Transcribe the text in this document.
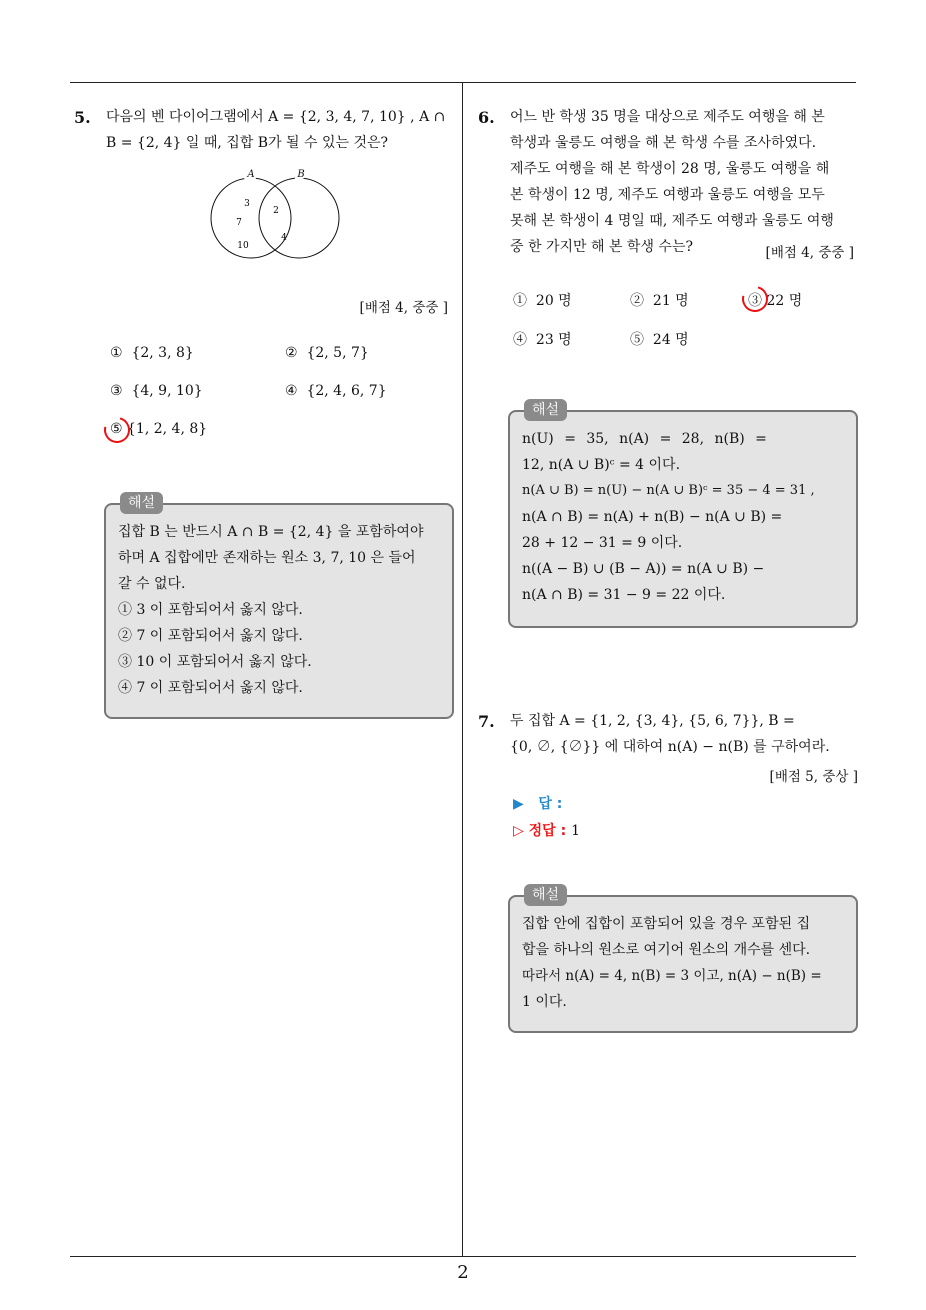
5. 다음의 벤 다이어그램에서 A = {2, 3, 4, 7, 10} , A ∩
B = {2, 4} 일 때, 집합 B가 될 수 있는 것은?
A	B
3
7
10
2
4
[배점 4, 중중 ]
① {2, 3, 8}	② {2, 5, 7}
③ {4, 9, 10}	④ {2, 4, 6, 7}
⑤ {1, 2, 4, 8}
해설
집합 B 는 반드시 A ∩ B = {2, 4} 을 포함하여야
하며 A 집합에만 존재하는 원소 3, 7, 10 은 들어
갈 수 없다.
① 3 이 포함되어서 옳지 않다.
② 7 이 포함되어서 옳지 않다.
③ 10 이 포함되어서 옳지 않다.
④ 7 이 포함되어서 옳지 않다.
6. 어느 반 학생 35 명을 대상으로 제주도 여행을 해 본
학생과 울릉도 여행을 해 본 학생 수를 조사하였다.
제주도 여행을 해 본 학생이 28 명, 울릉도 여행을 해
본 학생이 12 명, 제주도 여행과 울릉도 여행을 모두
못해 본 학생이 4 명일 때, 제주도 여행과 울릉도 여행
중 한 가지만 해 본 학생 수는?	[배점 4, 중중 ]
① 20 명	② 21 명	③ 22 명
④ 23 명	⑤ 24 명
해설
n(U) = 35, n(A) = 28, n(B) =
12, n(A ∪ B)ᶜ = 4 이다.
n(A ∪ B) = n(U) − n(A ∪ B)ᶜ = 35 − 4 = 31 ,
n(A ∩ B) = n(A) + n(B) − n(A ∪ B) =
28 + 12 − 31 = 9 이다.
n((A − B) ∪ (B − A)) = n(A ∪ B) −
n(A ∩ B) = 31 − 9 = 22 이다.
7. 두 집합 A = {1, 2, {3, 4}, {5, 6, 7}}, B =
{0, ∅, {∅}} 에 대하여 n(A) − n(B) 를 구하여라.
[배점 5, 중상 ]
▶ 답 :
▷ 정답 : 1
해설
집합 안에 집합이 포함되어 있을 경우 포함된 집
합을 하나의 원소로 여기어 원소의 개수를 센다.
따라서 n(A) = 4, n(B) = 3 이고, n(A) − n(B) =
1 이다.
2
